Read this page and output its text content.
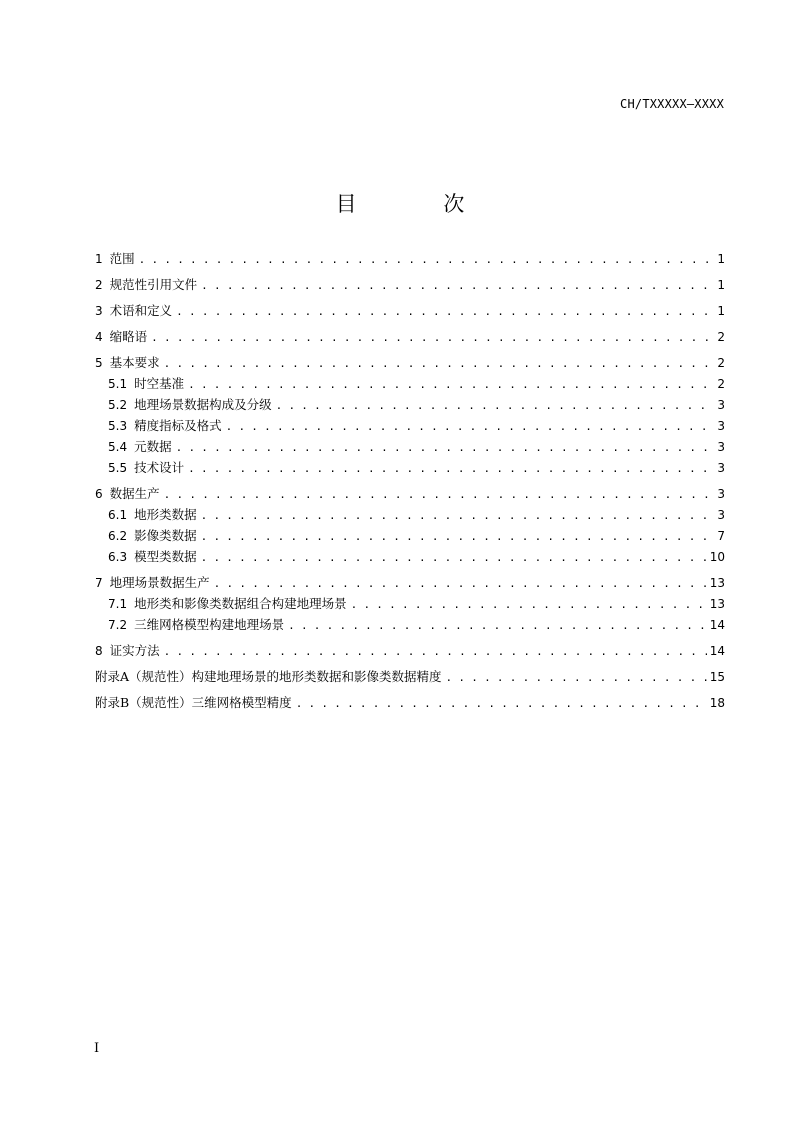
CH/TXXXXX—XXXX
目 次
1 范围 . . .	1
2 规范性引用文件 . . .	1
3 术语和定义 . . .	1
4 缩略语 . . .	2
5 基本要求 . . .	2
5.1 时空基准 . . .	2
5.2 地理场景数据构成及分级 . . .	3
5.3 精度指标及格式 . . .	3
5.4 元数据 . . .	3
5.5 技术设计 . . .	3
6 数据生产 . . .	3
6.1 地形类数据 . . .	3
6.2 影像类数据 . . .	7
6.3 模型类数据 . . .	10
7 地理场景数据生产 . . .	13
7.1 地形类和影像类数据组合构建地理场景 . . .	13
7.2 三维网格模型构建地理场景 . . .	14
8 证实方法 . . .	14
附录A（规范性）构建地理场景的地形类数据和影像类数据精度 . . .	15
附录B（规范性）三维网格模型精度 . . .	18
I
